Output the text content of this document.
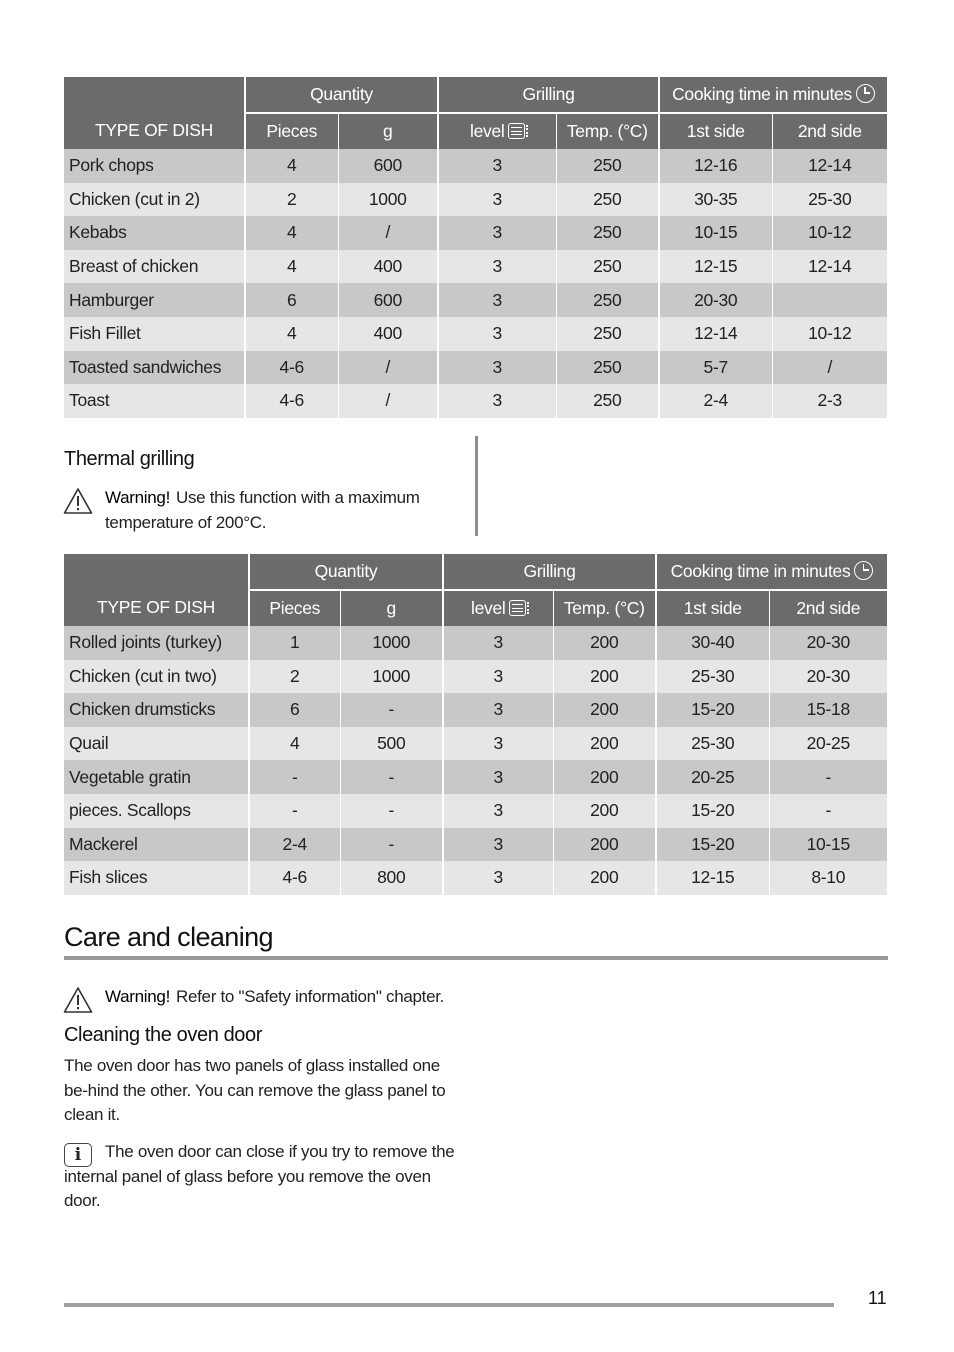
TYPE OF DISH	Quantity		Grilling		Cooking time in minutes	
	Pieces	g	level	Temp. (°C)	1st side	2nd side
Pork chops	4	600	3	250	12-16	12-14
Chicken (cut in 2)	2	1000	3	250	30-35	25-30
Kebabs	4	/	3	250	10-15	10-12
Breast of chicken	4	400	3	250	12-15	12-14
Hamburger	6	600	3	250	20-30	
Fish Fillet	4	400	3	250	12-14	10-12
Toasted sandwiches	4-6	/	3	250	5-7	/
Toast	4-6	/	3	250	2-4	2-3
Thermal grilling
Warning! Use this function with a maximum temperature of 200°C.
TYPE OF DISH	Quantity		Grilling		Cooking time in minutes	
	Pieces	g	level	Temp. (°C)	1st side	2nd side
Rolled joints (turkey)	1	1000	3	200	30-40	20-30
Chicken (cut in two)	2	1000	3	200	25-30	20-30
Chicken drumsticks	6	-	3	200	15-20	15-18
Quail	4	500	3	200	25-30	20-25
Vegetable gratin	-	-	3	200	20-25	-
pieces. Scallops	-	-	3	200	15-20	-
Mackerel	2-4	-	3	200	15-20	10-15
Fish slices	4-6	800	3	200	12-15	8-10
Care and cleaning
Warning! Refer to "Safety information" chapter.
Cleaning the oven door
The oven door has two panels of glass installed one be-hind the other. You can remove the glass panel to clean it.
i	The oven door can close if you try to remove the internal panel of glass before you remove the oven door.
11
